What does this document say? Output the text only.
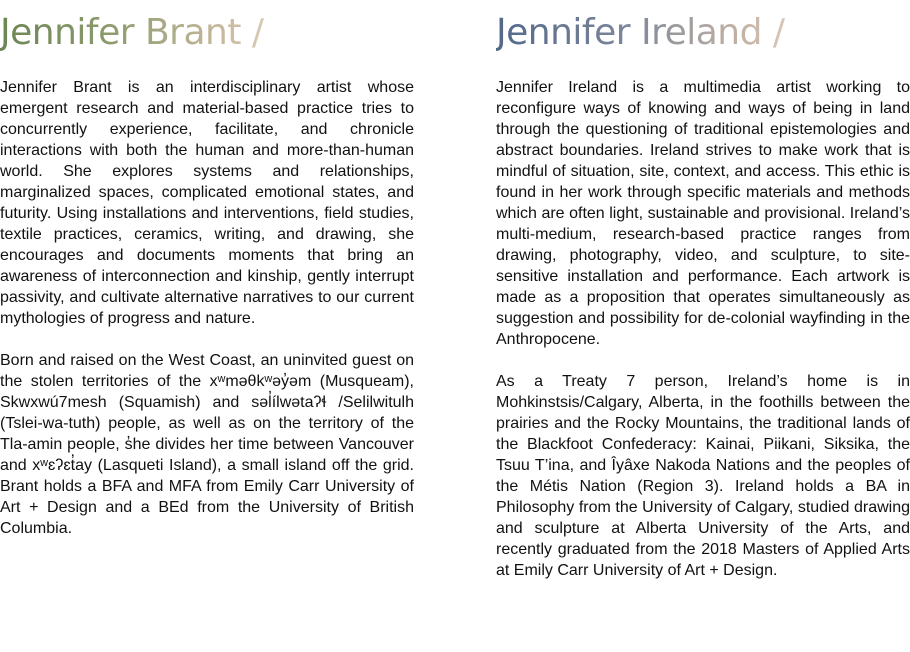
Jennifer Brant /

Jennifer Brant is an interdisciplinary artist whose emergent research and material-based practice tries to concurrently experience, facilitate, and chronicle interactions with both the human and more-than-human world. She explores systems and relationships, marginalized spaces, complicated emotional states, and futurity. Using installations and interventions, field studies, textile practices, ceramics, writing, and drawing, she encourages and documents moments that bring an awareness of interconnection and kinship, gently interrupt passivity, and cultivate alternative narratives to our current mythologies of progress and nature.

Born and raised on the West Coast, an uninvited guest on the stolen territories of the xʷməθkʷəy̓əm (Musqueam), Skwxwú7mesh (Squamish) and səl̓ílwətaʔɬ /Selilwitulh (Tslei-wa-tuth) people, as well as on the territory of the Tla-amin people, s̓he divides her time between Vancouver and xʷɛʔɛt̓ay (Lasqueti Island), a small island off the grid. Brant holds a BFA and MFA from Emily Carr University of Art + Design and a BEd from the University of British Columbia.

Jennifer Ireland /

Jennifer Ireland is a multimedia artist working to reconfigure ways of knowing and ways of being in land through the questioning of traditional epistemologies and abstract boundaries. Ireland strives to make work that is mindful of situation, site, context, and access. This ethic is found in her work through specific materials and methods which are often light, sustainable and provisional. Ireland’s multi-medium, research-based practice ranges from drawing, photography, video, and sculpture, to site-sensitive installation and performance. Each artwork is made as a proposition that operates simultaneously as suggestion and possibility for de-colonial wayfinding in the Anthropocene.

As a Treaty 7 person, Ireland’s home is in Mohkinstsis/Calgary, Alberta, in the foothills between the prairies and the Rocky Mountains, the traditional lands of the Blackfoot Confederacy: Kainai, Piikani, Siksika, the Tsuu T’ina, and Îyâxe Nakoda Nations and the peoples of the Métis Nation (Region 3). Ireland holds a BA in Philosophy from the University of Calgary, studied drawing and sculpture at Alberta University of the Arts, and recently graduated from the 2018 Masters of Applied Arts at Emily Carr University of Art + Design.
